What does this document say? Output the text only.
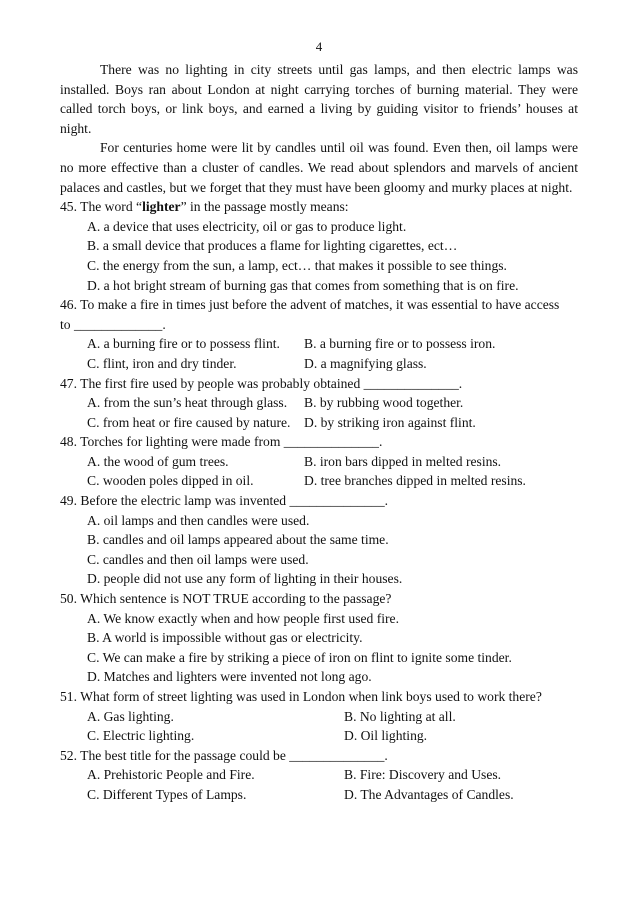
4

There was no lighting in city streets until gas lamps, and then electric lamps was installed. Boys ran about London at night carrying torches of burning material. They were called torch boys, or link boys, and earned a living by guiding visitor to friends’ houses at night.

For centuries home were lit by candles until oil was found. Even then, oil lamps were no more effective than a cluster of candles. We read about splendors and marvels of ancient palaces and castles, but we forget that they must have been gloomy and murky places at night.

45. The word “lighter” in the passage mostly means:
A. a device that uses electricity, oil or gas to produce light.
B. a small device that produces a flame for lighting cigarettes, ect…
C. the energy from the sun, a lamp, ect… that makes it possible to see things.
D. a hot bright stream of burning gas that comes from something that is on fire.
46. To make a fire in times just before the advent of matches, it was essential to have access
to _____________.
A. a burning fire or to possess flint.	B. a burning fire or to possess iron.
C. flint, iron and dry tinder.	D. a magnifying glass.
47. The first fire used by people was probably obtained ______________.
A. from the sun’s heat through glass.	B. by rubbing wood together.
C. from heat or fire caused by nature. D. by striking iron against flint.
48. Torches for lighting were made from ______________.
A. the wood of gum trees.	B. iron bars dipped in melted resins.
C. wooden poles dipped in oil.	D. tree branches dipped in melted resins.
49. Before the electric lamp was invented ______________.
A. oil lamps and then candles were used.
B. candles and oil lamps appeared about the same time.
C. candles and then oil lamps were used.
D. people did not use any form of lighting in their houses.
50. Which sentence is NOT TRUE according to the passage?
A. We know exactly when and how people first used fire.
B. A world is impossible without gas or electricity.
C. We can make a fire by striking a piece of iron on flint to ignite some tinder.
D. Matches and lighters were invented not long ago.
51. What form of street lighting was used in London when link boys used to work there?
A. Gas lighting.	B. No lighting at all.
C. Electric lighting.	D. Oil lighting.
52. The best title for the passage could be ______________.
A. Prehistoric People and Fire.	B. Fire: Discovery and Uses.
C. Different Types of Lamps.	D. The Advantages of Candles.
